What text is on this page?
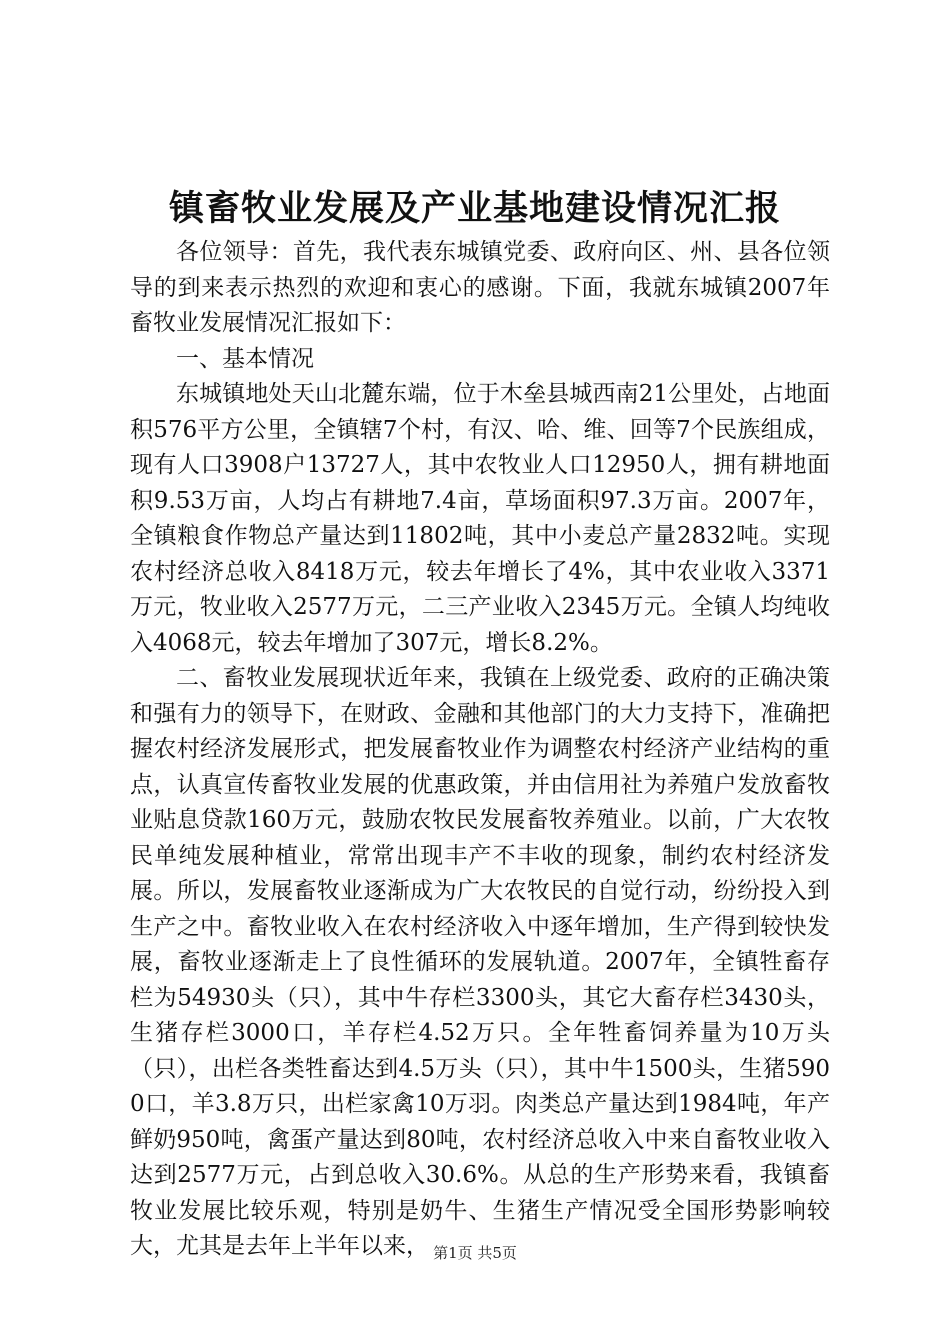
镇畜牧业发展及产业基地建设情况汇报

各位领导：首先，我代表东城镇党委、政府向区、州、县各位领导的到来表示热烈的欢迎和衷心的感谢。下面，我就东城镇2007年畜牧业发展情况汇报如下：

一、基本情况

东城镇地处天山北麓东端，位于木垒县城西南21公里处，占地面积576平方公里，全镇辖7个村，有汉、哈、维、回等7个民族组成，现有人口3908户13727人，其中农牧业人口12950人，拥有耕地面积9.53万亩，人均占有耕地7.4亩，草场面积97.3万亩。2007年，全镇粮食作物总产量达到11802吨，其中小麦总产量2832吨。实现农村经济总收入8418万元，较去年增长了4%，其中农业收入3371万元，牧业收入2577万元，二三产业收入2345万元。全镇人均纯收入4068元，较去年增加了307元，增长8.2%。

二、畜牧业发展现状近年来，我镇在上级党委、政府的正确决策和强有力的领导下，在财政、金融和其他部门的大力支持下，准确把握农村经济发展形式，把发展畜牧业作为调整农村经济产业结构的重点，认真宣传畜牧业发展的优惠政策，并由信用社为养殖户发放畜牧业贴息贷款160万元，鼓励农牧民发展畜牧养殖业。以前，广大农牧民单纯发展种植业，常常出现丰产不丰收的现象，制约农村经济发展。所以，发展畜牧业逐渐成为广大农牧民的自觉行动，纷纷投入到生产之中。畜牧业收入在农村经济收入中逐年增加，生产得到较快发展，畜牧业逐渐走上了良性循环的发展轨道。2007年，全镇牲畜存栏为54930头（只），其中牛存栏3300头，其它大畜存栏3430头，生猪存栏3000口，羊存栏4.52万只。全年牲畜饲养量为10万头（只），出栏各类牲畜达到4.5万头（只），其中牛1500头，生猪5900口，羊3.8万只，出栏家禽10万羽。肉类总产量达到1984吨，年产鲜奶950吨，禽蛋产量达到80吨，农村经济总收入中来自畜牧业收入达到2577万元，占到总收入30.6%。从总的生产形势来看，我镇畜牧业发展比较乐观，特别是奶牛、生猪生产情况受全国形势影响较大，尤其是去年上半年以来， 第1页 共5页
